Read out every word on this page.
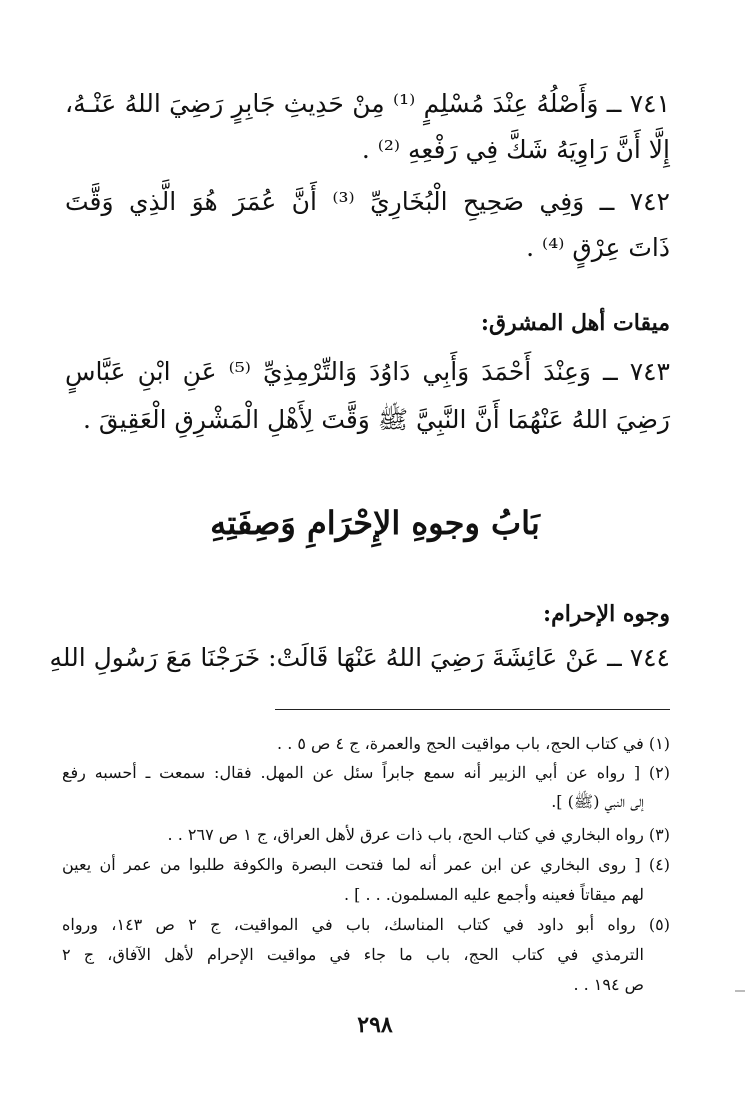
٧٤١ ــ وَأَصْلُهُ عِنْدَ مُسْلِمٍ ⁽¹⁾ مِنْ حَدِيثِ جَابِرٍ رَضِيَ اللهُ عَنْـهُ،
إِلَّا أَنَّ رَاوِيَهُ شَكَّ فِي رَفْعِهِ ⁽²⁾ .
٧٤٢ ــ وَفِي صَحِيحِ الْبُخَارِيِّ ⁽³⁾ أَنَّ عُمَرَ هُوَ الَّذِي وَقَّتَ
ذَاتَ عِرْقٍ ⁽⁴⁾ .
ميقات أهل المشرق:
٧٤٣ ــ وَعِنْدَ أَحْمَدَ وَأَبِي دَاوُدَ وَالتِّرْمِذِيِّ ⁽⁵⁾ عَنِ ابْنِ عَبَّاسٍ
رَضِيَ اللهُ عَنْهُمَا أَنَّ النَّبِيَّ ﷺ وَقَّتَ لِأَهْلِ الْمَشْرِقِ الْعَقِيقَ .
بَابُ وجوهِ الإِحْرَامِ وَصِفَتِهِ
وجوه الإحرام:
٧٤٤ ــ عَنْ عَائِشَةَ رَضِيَ اللهُ عَنْهَا قَالَتْ: خَرَجْنَا مَعَ رَسُولِ اللهِ
(١) في كتاب الحج، باب مواقيت الحج والعمرة، ج ٤ ص ٥ . .
(٢) [ رواه عن أبي الزبير أنه سمع جابراً سئل عن المهل. فقال: سمعت ـ أحسبه رفع
إلى النبي (ﷺ) ].
(٣) رواه البخاري في كتاب الحج، باب ذات عرق لأهل العراق، ج ١ ص ٢٦٧ . .
(٤) [ روى البخاري عن ابن عمر أنه لما فتحت البصرة والكوفة طلبوا من عمر أن يعين
لهم ميقاتاً فعينه وأجمع عليه المسلمون. . . ] .
(٥) رواه أبو داود في كتاب المناسك، باب في المواقيت، ج ٢ ص ١٤٣، ورواه
الترمذي في كتاب الحج، باب ما جاء في مواقيت الإحرام لأهل الآفاق، ج ٢
ص ١٩٤ . .
٢٩٨
